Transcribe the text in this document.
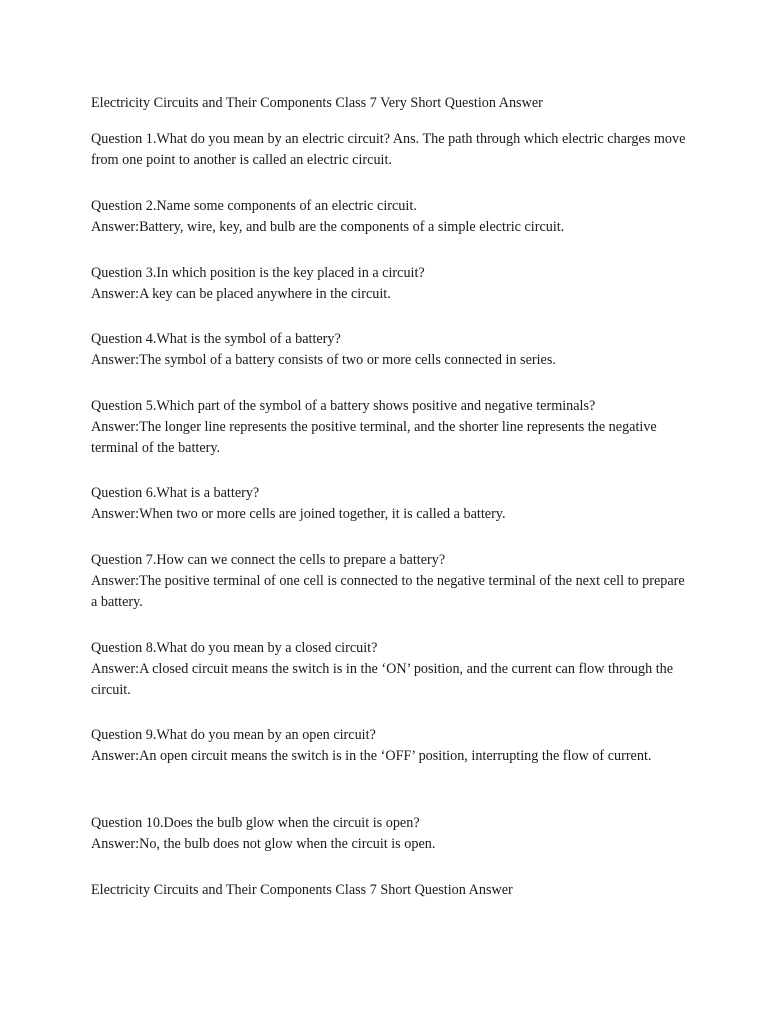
Electricity Circuits and Their Components Class 7 Very Short Question Answer

Question 1.What do you mean by an electric circuit? Ans. The path through which electric charges move from one point to another is called an electric circuit.

Question 2.Name some components of an electric circuit.

Answer:Battery, wire, key, and bulb are the components of a simple electric circuit.

Question 3.In which position is the key placed in a circuit?

Answer:A key can be placed anywhere in the circuit.

Question 4.What is the symbol of a battery?

Answer:The symbol of a battery consists of two or more cells connected in series.

Question 5.Which part of the symbol of a battery shows positive and negative terminals?

Answer:The longer line represents the positive terminal, and the shorter line represents the negative terminal of the battery.

Question 6.What is a battery?

Answer:When two or more cells are joined together, it is called a battery.

Question 7.How can we connect the cells to prepare a battery?

Answer:The positive terminal of one cell is connected to the negative terminal of the next cell to prepare a battery.

Question 8.What do you mean by a closed circuit?

Answer:A closed circuit means the switch is in the ‘ON’ position, and the current can flow through the circuit.

Question 9.What do you mean by an open circuit?

Answer:An open circuit means the switch is in the ‘OFF’ position, interrupting the flow of current.

Question 10.Does the bulb glow when the circuit is open?

Answer:No, the bulb does not glow when the circuit is open.

Electricity Circuits and Their Components Class 7 Short Question Answer
